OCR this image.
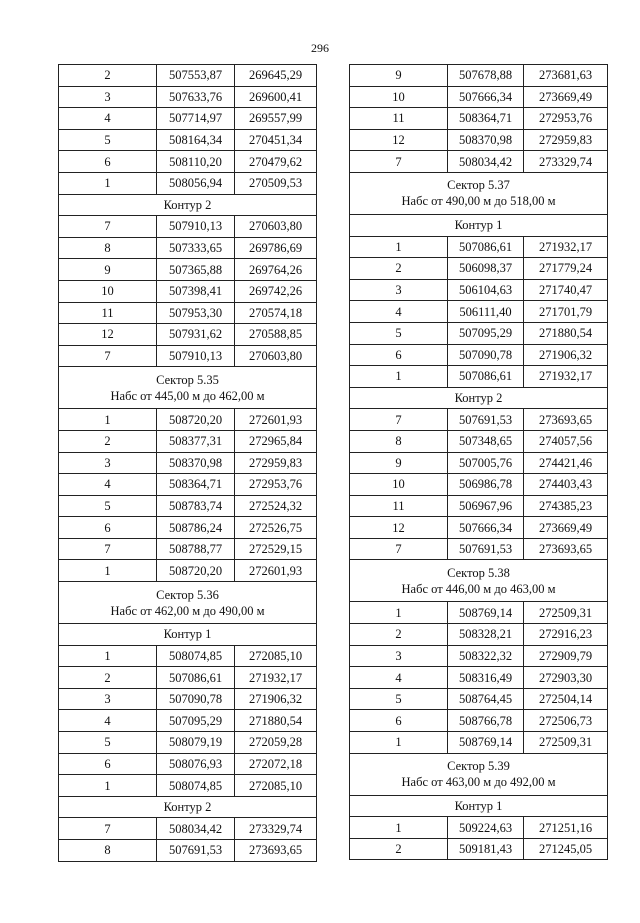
296
2	507553,87	269645,29
3	507633,76	269600,41
4	507714,97	269557,99
5	508164,34	270451,34
6	508110,20	270479,62
1	508056,94	270509,53
Контур 2		
7	507910,13	270603,80
8	507333,65	269786,69
9	507365,88	269764,26
10	507398,41	269742,26
11	507953,30	270574,18
12	507931,62	270588,85
7	507910,13	270603,80

Сектор 5.35
Набс от 445,00 м до 462,00 м		

1	508720,20	272601,93
2	508377,31	272965,84
3	508370,98	272959,83
4	508364,71	272953,76
5	508783,74	272524,32
6	508786,24	272526,75
7	508788,77	272529,15
1	508720,20	272601,93

Сектор 5.36
Набс от 462,00 м до 490,00 м		

Контур 1		
1	508074,85	272085,10
2	507086,61	271932,17
3	507090,78	271906,32
4	507095,29	271880,54
5	508079,19	272059,28
6	508076,93	272072,18
1	508074,85	272085,10
Контур 2		
7	508034,42	273329,74
8	507691,53	273693,65
9	507678,88	273681,63
10	507666,34	273669,49
11	508364,71	272953,76
12	508370,98	272959,83
7	508034,42	273329,74

Сектор 5.37
Набс от 490,00 м до 518,00 м		

Контур 1		
1	507086,61	271932,17
2	506098,37	271779,24
3	506104,63	271740,47
4	506111,40	271701,79
5	507095,29	271880,54
6	507090,78	271906,32
1	507086,61	271932,17
Контур 2		
7	507691,53	273693,65
8	507348,65	274057,56
9	507005,76	274421,46
10	506986,78	274403,43
11	506967,96	274385,23
12	507666,34	273669,49
7	507691,53	273693,65

Сектор 5.38
Набс от 446,00 м до 463,00 м		

1	508769,14	272509,31
2	508328,21	272916,23
3	508322,32	272909,79
4	508316,49	272903,30
5	508764,45	272504,14
6	508766,78	272506,73
1	508769,14	272509,31

Сектор 5.39
Набс от 463,00 м до 492,00 м		

Контур 1		
1	509224,63	271251,16
2	509181,43	271245,05
